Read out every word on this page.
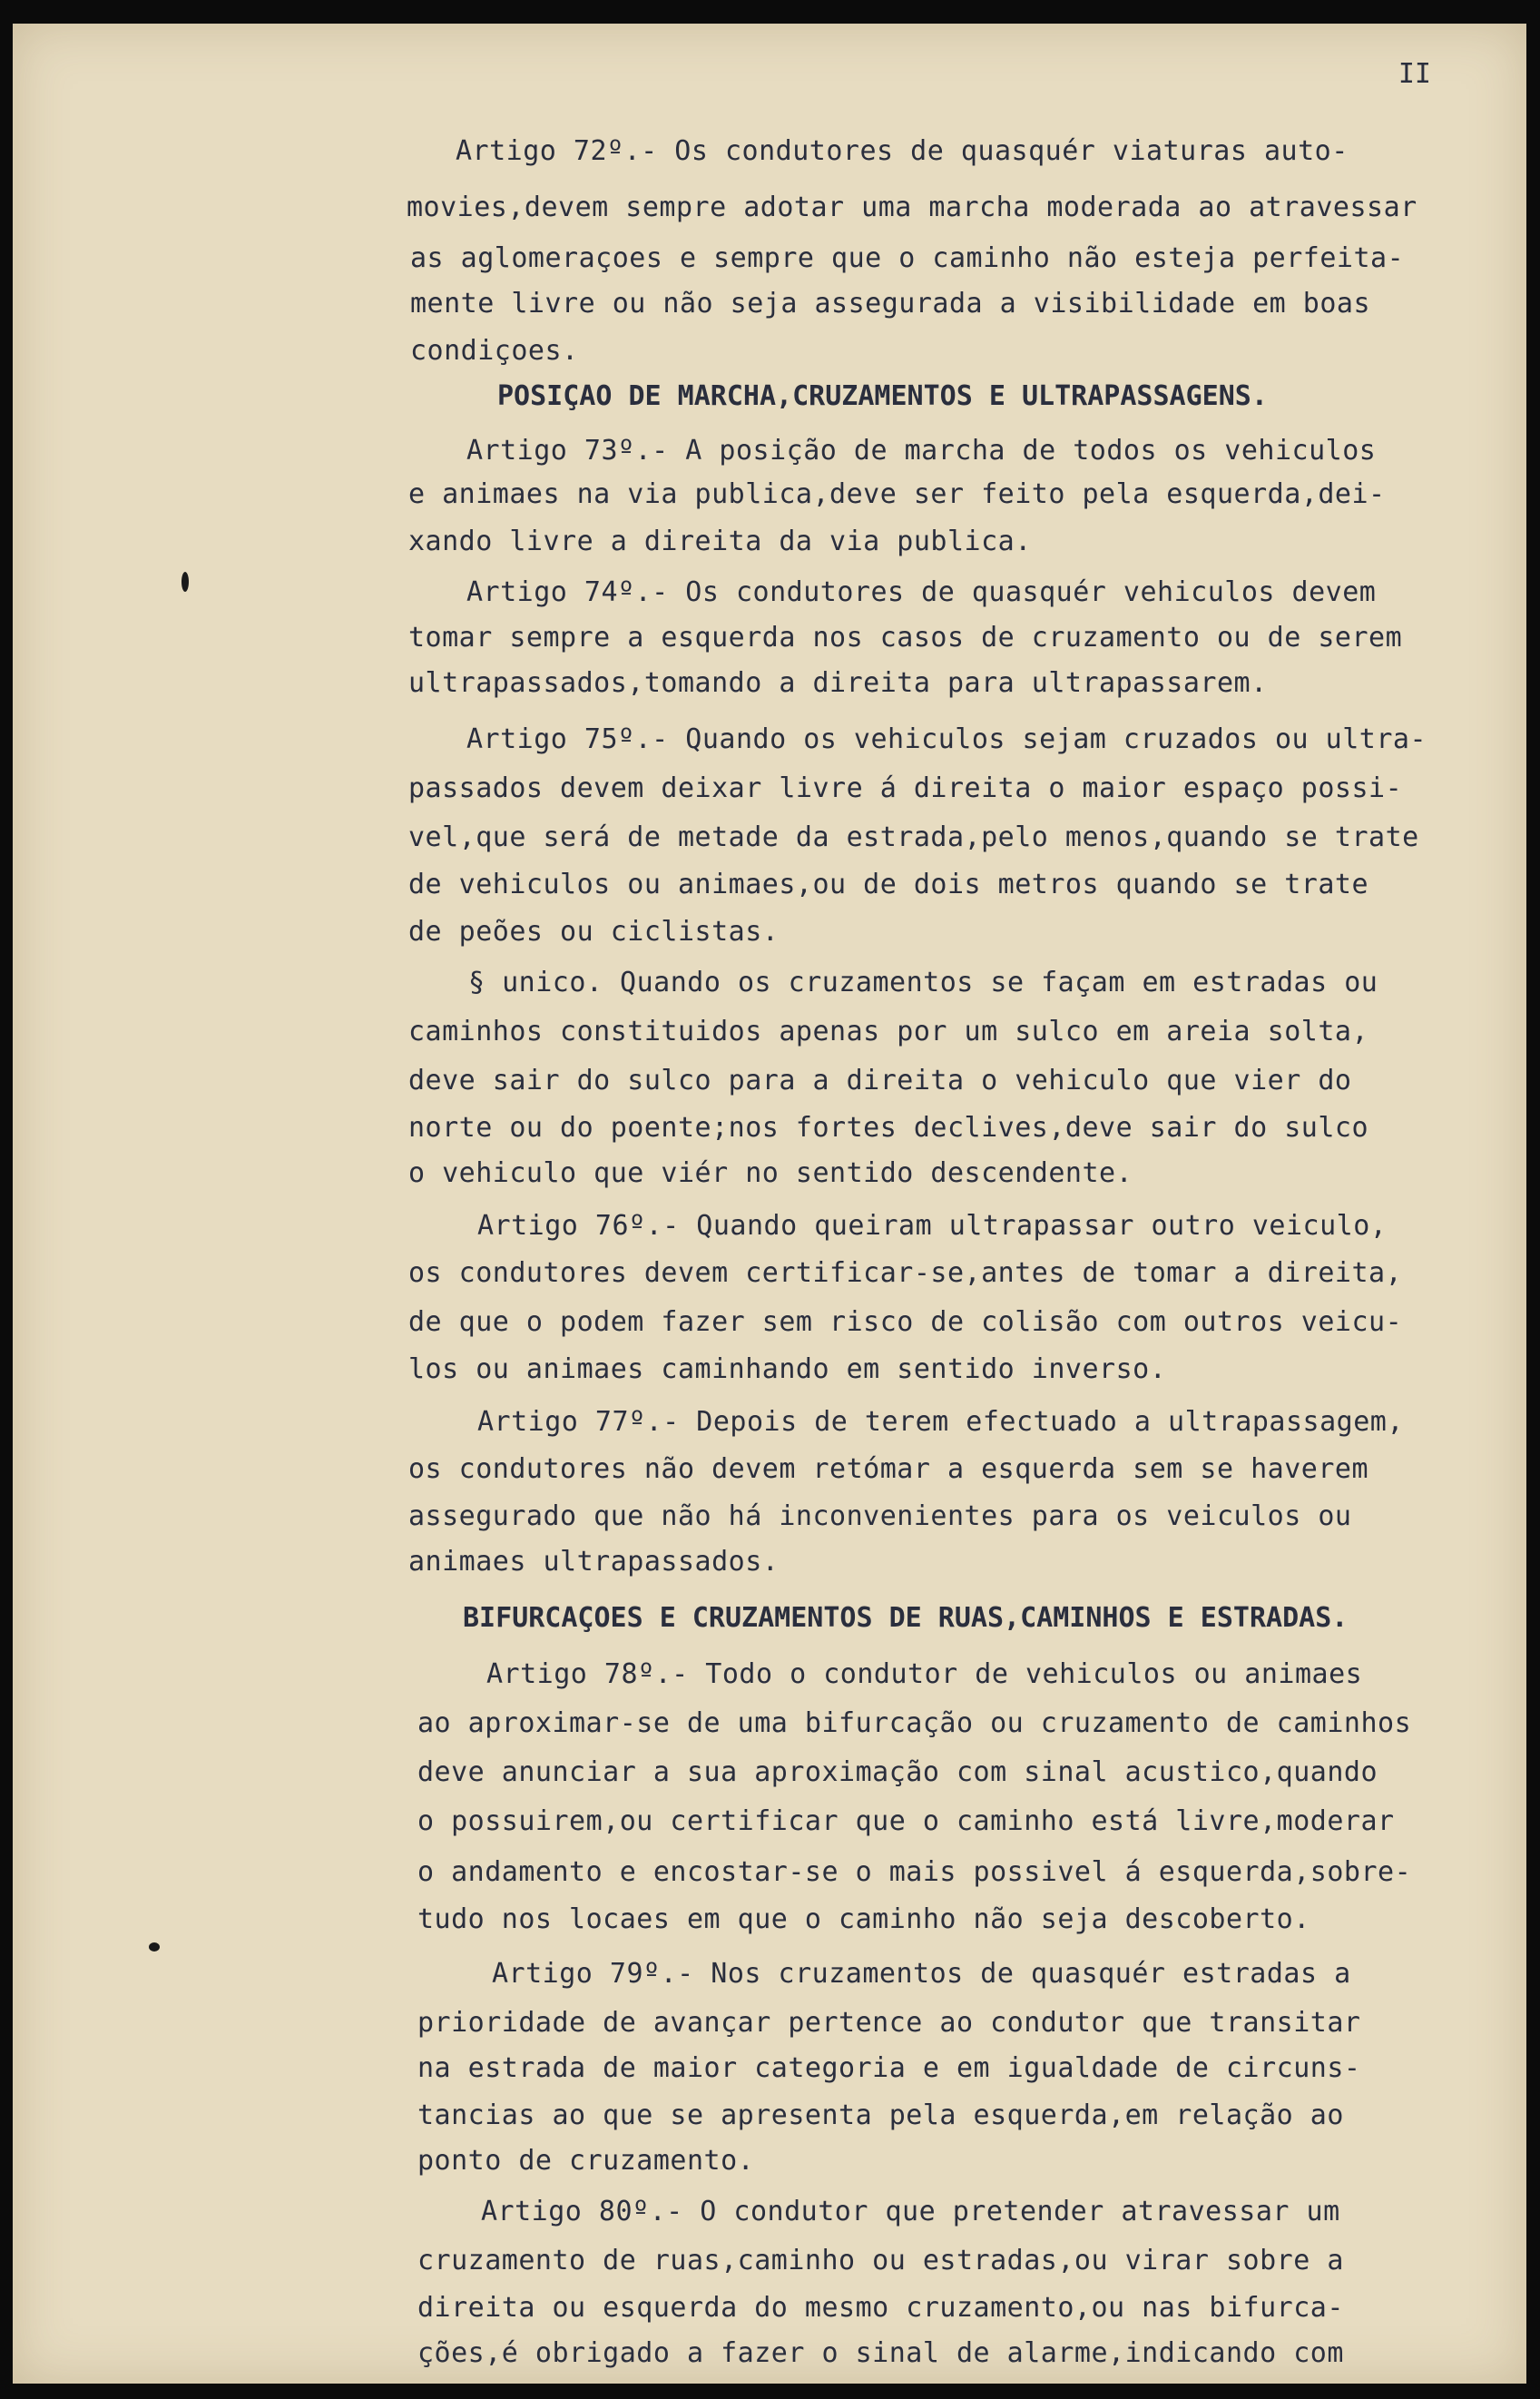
II

Artigo 72º.- Os condutores de quasquér viaturas auto-

movies,devem sempre adotar uma marcha moderada ao atravessar

as aglomeraçoes e sempre que o caminho não esteja perfeita-

mente livre ou não seja assegurada a visibilidade em boas

condiçoes.

POSIÇAO DE MARCHA,CRUZAMENTOS E ULTRAPASSAGENS.

Artigo 73º.- A posição de marcha de todos os vehiculos

e animaes na via publica,deve ser feito pela esquerda,dei-

xando livre a direita da via publica.

Artigo 74º.- Os condutores de quasquér vehiculos devem

tomar sempre a esquerda nos casos de cruzamento ou de serem

ultrapassados,tomando a direita para ultrapassarem.

Artigo 75º.- Quando os vehiculos sejam cruzados ou ultra-

passados devem deixar livre á direita o maior espaço possi-

vel,que será de metade da estrada,pelo menos,quando se trate

de vehiculos ou animaes,ou de dois metros quando se trate

de peões ou ciclistas.

§ unico. Quando os cruzamentos se façam em estradas ou

caminhos constituidos apenas por um sulco em areia solta,

deve sair do sulco para a direita o vehiculo que vier do

norte ou do poente;nos fortes declives,deve sair do sulco

o vehiculo que viér no sentido descendente.

Artigo 76º.- Quando queiram ultrapassar outro veiculo,

os condutores devem certificar-se,antes de tomar a direita,

de que o podem fazer sem risco de colisão com outros veicu-

los ou animaes caminhando em sentido inverso.

Artigo 77º.- Depois de terem efectuado a ultrapassagem,

os condutores não devem retómar a esquerda sem se haverem

assegurado que não há inconvenientes para os veiculos ou

animaes ultrapassados.

BIFURCAÇOES E CRUZAMENTOS DE RUAS,CAMINHOS E ESTRADAS.

Artigo 78º.- Todo o condutor de vehiculos ou animaes

ao aproximar-se de uma bifurcação ou cruzamento de caminhos

deve anunciar a sua aproximação com sinal acustico,quando

o possuirem,ou certificar que o caminho está livre,moderar

o andamento e encostar-se o mais possivel á esquerda,sobre-

tudo nos locaes em que o caminho não seja descoberto.

Artigo 79º.- Nos cruzamentos de quasquér estradas a

prioridade de avançar pertence ao condutor que transitar

na estrada de maior categoria e em igualdade de circuns-

tancias ao que se apresenta pela esquerda,em relação ao

ponto de cruzamento.

Artigo 80º.- O condutor que pretender atravessar um

cruzamento de ruas,caminho ou estradas,ou virar sobre a

direita ou esquerda do mesmo cruzamento,ou nas bifurca-

ções,é obrigado a fazer o sinal de alarme,indicando com
